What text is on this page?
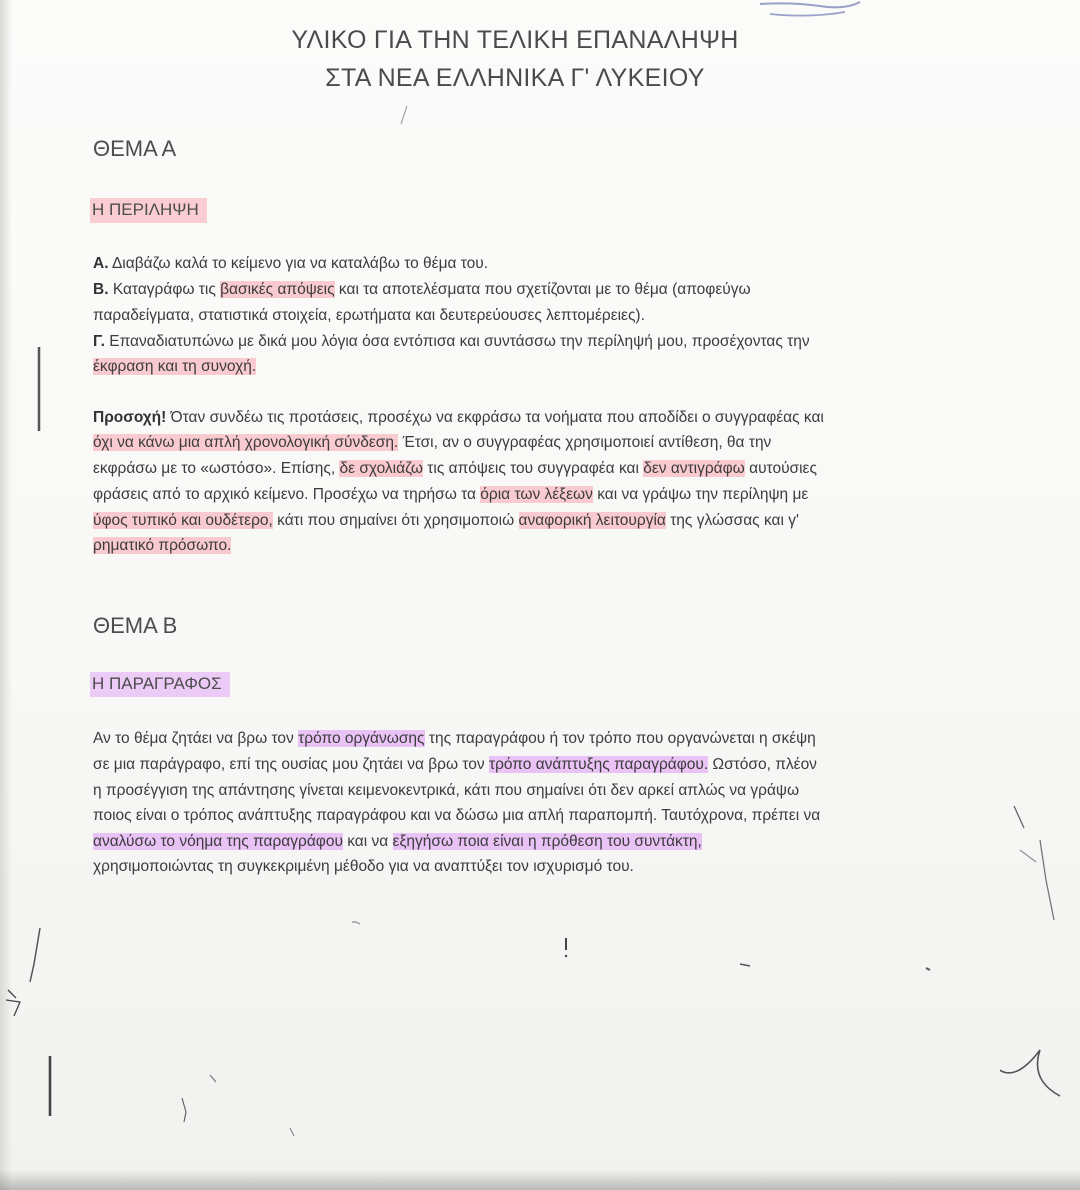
ΥΛΙΚΟ ΓΙΑ ΤΗΝ ΤΕΛΙΚΗ ΕΠΑΝΑΛΗΨΗ
ΣΤΑ ΝΕΑ ΕΛΛΗΝΙΚΑ Γ' ΛΥΚΕΙΟΥ
ΘΕΜΑ Α
Η ΠΕΡΙΛΗΨΗ
Α. Διαβάζω καλά το κείμενο για να καταλάβω το θέμα του.
Β. Καταγράφω τις βασικές απόψεις και τα αποτελέσματα που σχετίζονται με το θέμα (αποφεύγω
παραδείγματα, στατιστικά στοιχεία, ερωτήματα και δευτερεύουσες λεπτομέρειες).
Γ. Επαναδιατυπώνω με δικά μου λόγια όσα εντόπισα και συντάσσω την περίληψή μου, προσέχοντας την
έκφραση και τη συνοχή.
Προσοχή! Όταν συνδέω τις προτάσεις, προσέχω να εκφράσω τα νοήματα που αποδίδει ο συγγραφέας και
όχι να κάνω μια απλή χρονολογική σύνδεση. Έτσι, αν ο συγγραφέας χρησιμοποιεί αντίθεση, θα την
εκφράσω με το «ωστόσο». Επίσης, δε σχολιάζω τις απόψεις του συγγραφέα και δεν αντιγράφω αυτούσιες
φράσεις από το αρχικό κείμενο. Προσέχω να τηρήσω τα όρια των λέξεων και να γράψω την περίληψη με
ύφος τυπικό και ουδέτερο, κάτι που σημαίνει ότι χρησιμοποιώ αναφορική λειτουργία της γλώσσας και γ'
ρηματικό πρόσωπο.
ΘΕΜΑ Β
Η ΠΑΡΑΓΡΑΦΟΣ
Αν το θέμα ζητάει να βρω τον τρόπο οργάνωσης της παραγράφου ή τον τρόπο που οργανώνεται η σκέψη
σε μια παράγραφο, επί της ουσίας μου ζητάει να βρω τον τρόπο ανάπτυξης παραγράφου. Ωστόσο, πλέον
η προσέγγιση της απάντησης γίνεται κειμενοκεντρικά, κάτι που σημαίνει ότι δεν αρκεί απλώς να γράψω
ποιος είναι ο τρόπος ανάπτυξης παραγράφου και να δώσω μια απλή παραπομπή. Ταυτόχρονα, πρέπει να
αναλύσω το νόημα της παραγράφου και να εξηγήσω ποια είναι η πρόθεση του συντάκτη,
χρησιμοποιώντας τη συγκεκριμένη μέθοδο για να αναπτύξει τον ισχυρισμό του.
